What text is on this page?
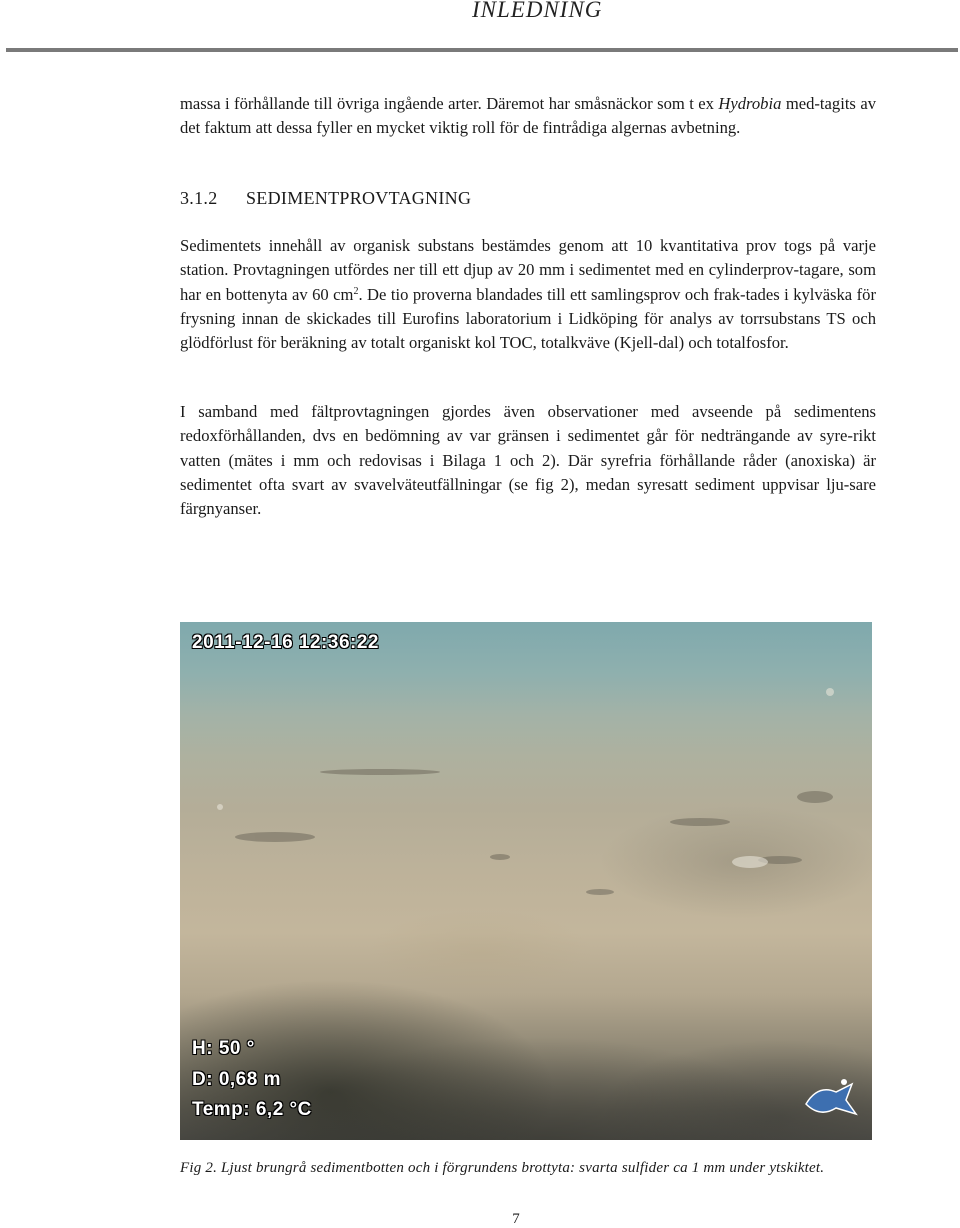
INLEDNING

massa i förhållande till övriga ingående arter. Däremot har småsnäckor som t ex Hydrobia med-tagits av det faktum att dessa fyller en mycket viktig roll för de fintrådiga algernas avbetning.

3.1.2 SEDIMENTPROVTAGNING

Sedimentets innehåll av organisk substans bestämdes genom att 10 kvantitativa prov togs på varje station. Provtagningen utfördes ner till ett djup av 20 mm i sedimentet med en cylinderprov-tagare, som har en bottenyta av 60 $cm^2$. De tio proverna blandades till ett samlingsprov och frak-tades i kylväska för frysning innan de skickades till Eurofins laboratorium i Lidköping för analys av torrsubstans TS och glödförlust för beräkning av totalt organiskt kol TOC, totalkväve (Kjell-dal) och totalfosfor.

I samband med fältprovtagningen gjordes även observationer med avseende på sedimentens redoxförhållanden, dvs en bedömning av var gränsen i sedimentet går för nedträngande av syre-rikt vatten (mätes i mm och redovisas i Bilaga 1 och 2). Där syrefria förhållande råder (anoxiska) är sedimentet ofta svart av svavelväteutfällningar (se fig 2), medan syresatt sediment uppvisar lju-sare färgnyanser.

2011-12-16 12:36:22
H: 50 °
D: 0,68 m
Temp: 6,2 °C
Fig 2. Ljust brungrå sedimentbotten och i förgrundens brottyta: svarta sulfider ca 1 mm under ytskiktet.
7
